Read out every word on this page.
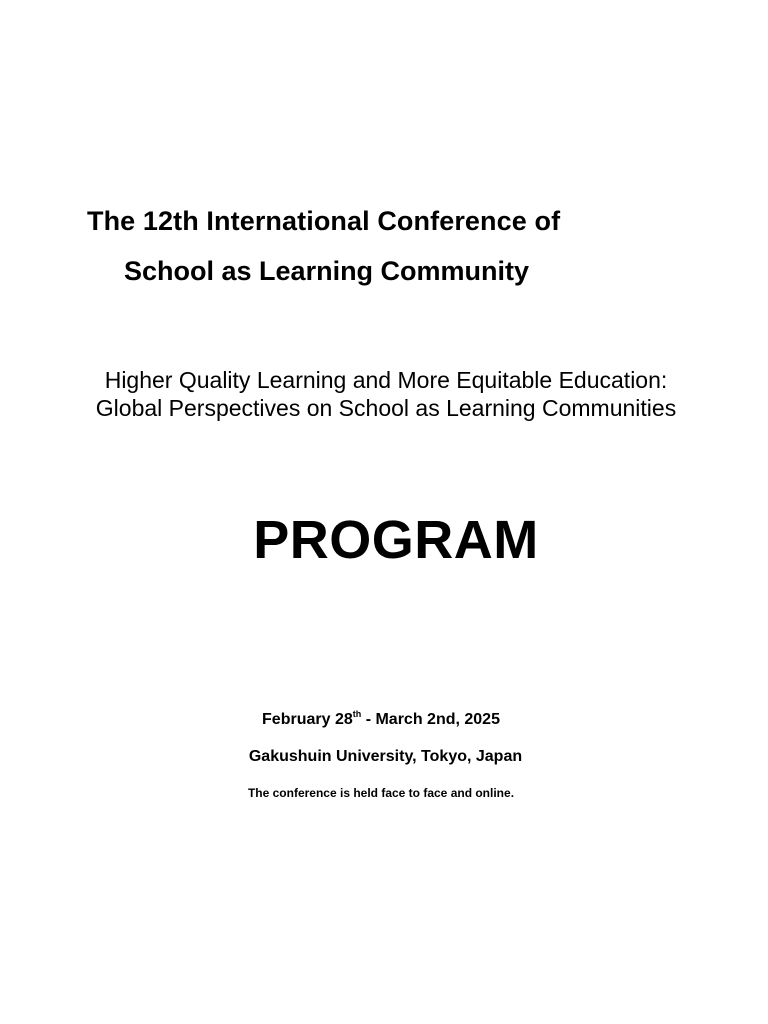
The 12th International Conference of
School as Learning Community
Higher Quality Learning and More Equitable Education:
Global Perspectives on School as Learning Communities
PROGRAM
February 28th - March 2nd, 2025
Gakushuin University, Tokyo, Japan
The conference is held face to face and online.
